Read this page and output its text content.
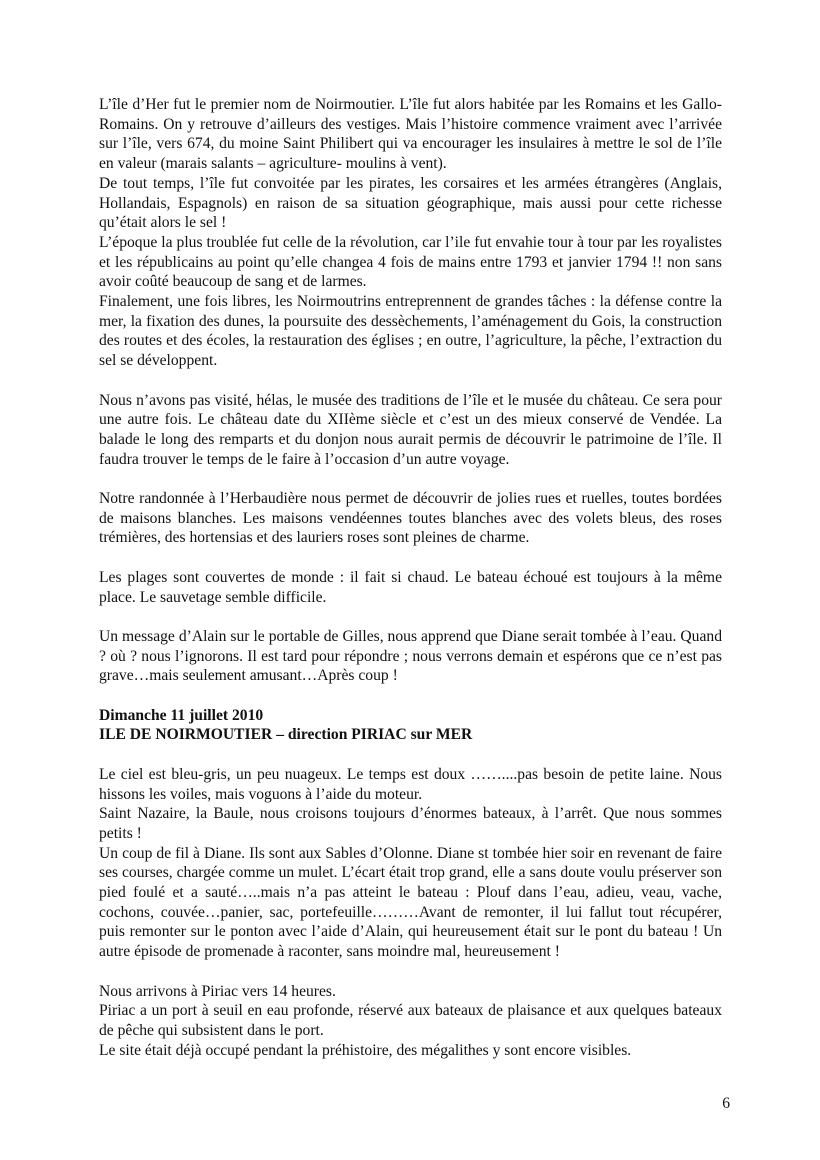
L’île d’Her fut le premier nom de Noirmoutier. L’île fut alors habitée par les Romains et les Gallo-Romains. On y retrouve d’ailleurs des vestiges. Mais l’histoire commence vraiment avec l’arrivée sur l’île, vers 674, du moine Saint Philibert qui va encourager les insulaires à mettre le sol de l’île en valeur (marais salants – agriculture- moulins à vent).

De tout temps, l’île fut convoitée par les pirates, les corsaires et les armées étrangères (Anglais, Hollandais, Espagnols) en raison de sa situation géographique, mais aussi pour cette richesse qu’était alors le sel !

L’époque la plus troublée fut celle de la révolution, car l’ile fut envahie tour à tour par les royalistes et les républicains au point qu’elle changea 4 fois de mains entre 1793 et janvier 1794 !! non sans avoir coûté beaucoup de sang et de larmes.

Finalement, une fois libres, les Noirmoutrins entreprennent de grandes tâches : la défense contre la mer, la fixation des dunes, la poursuite des dessèchements, l’aménagement du Gois, la construction des routes et des écoles, la restauration des églises ; en outre, l’agriculture, la pêche, l’extraction du sel se développent.

Nous n’avons pas visité, hélas, le musée des traditions de l’île et le musée du château. Ce sera pour une autre fois. Le château date du XIIème siècle et c’est un des mieux conservé de Vendée. La balade le long des remparts et du donjon nous aurait permis de découvrir le patrimoine de l’île. Il faudra trouver le temps de le faire à l’occasion d’un autre voyage.

Notre randonnée à l’Herbaudière nous permet de découvrir de jolies rues et ruelles, toutes bordées de maisons blanches. Les maisons vendéennes toutes blanches avec des volets bleus, des roses trémières, des hortensias et des lauriers roses sont pleines de charme.

Les plages sont couvertes de monde : il fait si chaud. Le bateau échoué est toujours à la même place. Le sauvetage semble difficile.

Un message d’Alain sur le portable de Gilles, nous apprend que Diane serait tombée à l’eau. Quand ? où ? nous l’ignorons. Il est tard pour répondre ; nous verrons demain et espérons que ce n’est pas grave…mais seulement amusant…Après coup !

Dimanche 11 juillet 2010

ILE DE NOIRMOUTIER – direction PIRIAC sur MER

Le ciel est bleu-gris, un peu nuageux. Le temps est doux ……....pas besoin de petite laine. Nous hissons les voiles, mais voguons à l’aide du moteur.

Saint Nazaire, la Baule, nous croisons toujours d’énormes bateaux, à l’arrêt. Que nous sommes petits !

Un coup de fil à Diane. Ils sont aux Sables d’Olonne. Diane st tombée hier soir en revenant de faire ses courses, chargée comme un mulet. L’écart était trop grand, elle a sans doute voulu préserver son pied foulé et a sauté…..mais n’a pas atteint le bateau : Plouf dans l’eau, adieu, veau, vache, cochons, couvée…panier, sac, portefeuille………Avant de remonter, il lui fallut tout récupérer, puis remonter sur le ponton avec l’aide d’Alain, qui heureusement était sur le pont du bateau ! Un autre épisode de promenade à raconter, sans moindre mal, heureusement !

Nous arrivons à Piriac vers 14 heures.

Piriac a un port à seuil en eau profonde, réservé aux bateaux de plaisance et aux quelques bateaux de pêche qui subsistent dans le port.

Le site était déjà occupé pendant la préhistoire, des mégalithes y sont encore visibles.

6
